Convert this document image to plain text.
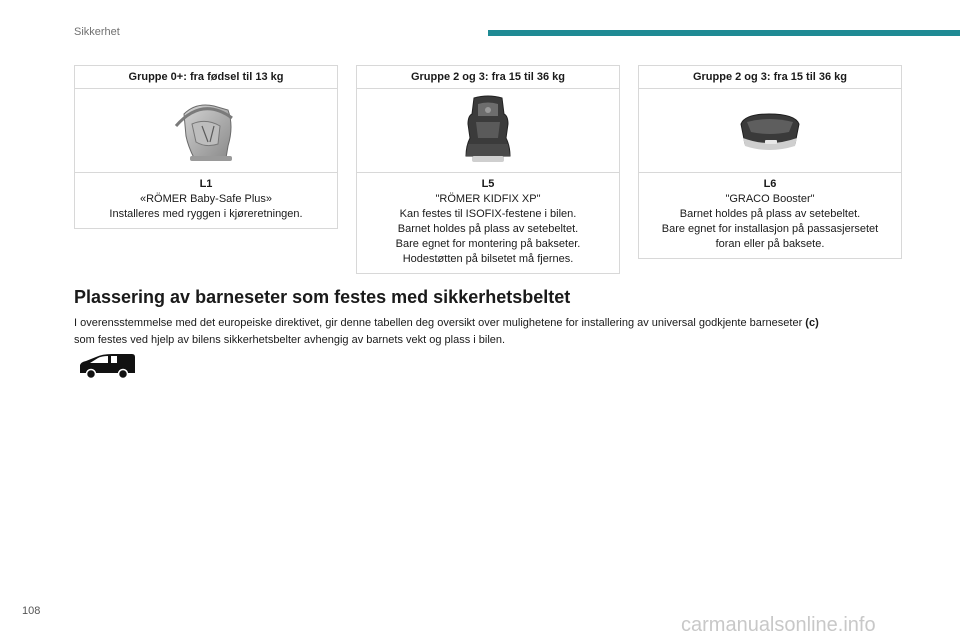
Sikkerhet
Gruppe 0+: fra fødsel til 13 kg
L1
«RÖMER Baby-Safe Plus»
Installeres med ryggen i kjøreretningen.
Gruppe 2 og 3: fra 15 til 36 kg
L5
"RÖMER KIDFIX XP"
Kan festes til ISOFIX-festene i bilen.
Barnet holdes på plass av setebeltet.
Bare egnet for montering på bakseter.
Hodestøtten på bilsetet må fjernes.
Gruppe 2 og 3: fra 15 til 36 kg
L6
"GRACO Booster"
Barnet holdes på plass av setebeltet.
Bare egnet for installasjon på passasjersetet
foran eller på baksete.
Plassering av barneseter som festes med sikkerhetsbeltet
I overensstemmelse med det europeiske direktivet, gir denne tabellen deg oversikt over mulighetene for installering av universal godkjente barneseter (c)
som festes ved hjelp av bilens sikkerhetsbelter avhengig av barnets vekt og plass i bilen.
108
carmanualsonline.info
